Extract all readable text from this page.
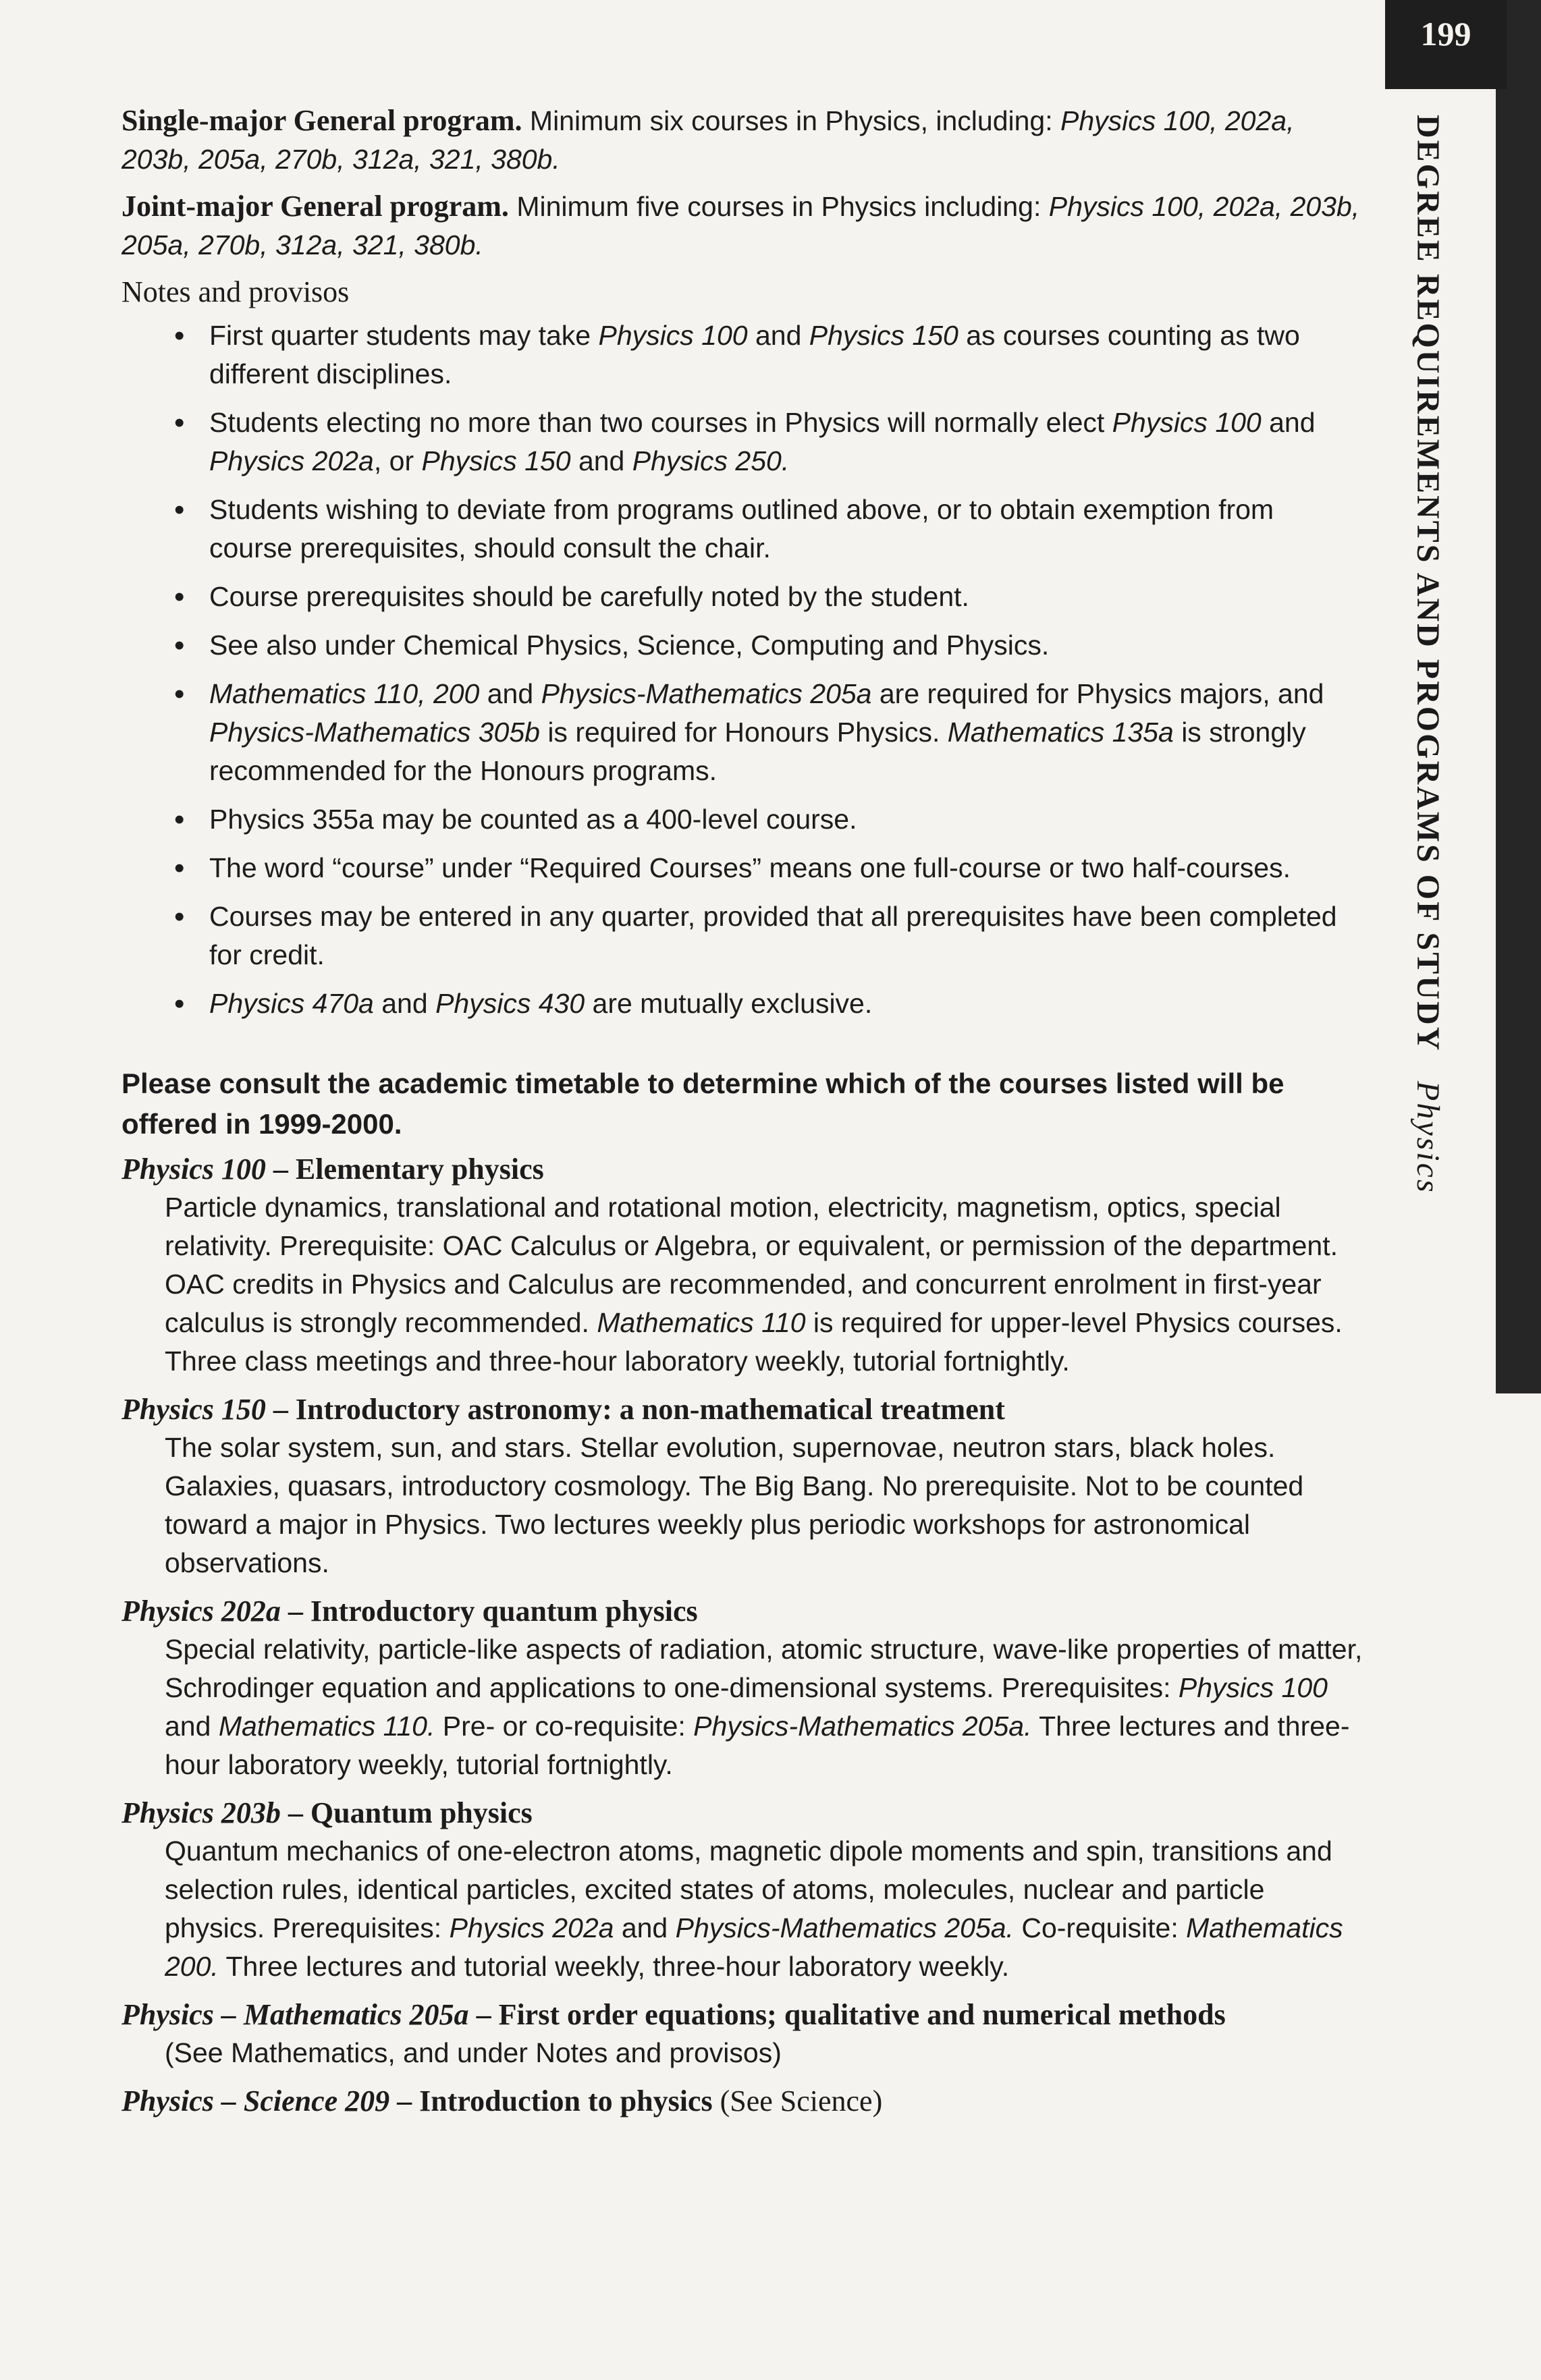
199
DEGREE REQUIREMENTS AND PROGRAMS OF STUDY Physics

Single-major General program. Minimum six courses in Physics, including: Physics 100, 202a, 203b, 205a, 270b, 312a, 321, 380b.

Joint-major General program. Minimum five courses in Physics including: Physics 100, 202a, 203b, 205a, 270b, 312a, 321, 380b.

Notes and provisos

• First quarter students may take Physics 100 and Physics 150 as courses counting as two different disciplines.
• Students electing no more than two courses in Physics will normally elect Physics 100 and Physics 202a, or Physics 150 and Physics 250.
• Students wishing to deviate from programs outlined above, or to obtain exemption from course prerequisites, should consult the chair.
• Course prerequisites should be carefully noted by the student.
• See also under Chemical Physics, Science, Computing and Physics.
• Mathematics 110, 200 and Physics-Mathematics 205a are required for Physics majors, and Physics-Mathematics 305b is required for Honours Physics. Mathematics 135a is strongly recommended for the Honours programs.
• Physics 355a may be counted as a 400-level course.
• The word “course” under “Required Courses” means one full-course or two half-courses.
• Courses may be entered in any quarter, provided that all prerequisites have been completed for credit.
• Physics 470a and Physics 430 are mutually exclusive.

Please consult the academic timetable to determine which of the courses listed will be offered in 1999-2000.

Physics 100 – Elementary physics
Particle dynamics, translational and rotational motion, electricity, magnetism, optics, special relativity. Prerequisite: OAC Calculus or Algebra, or equivalent, or permission of the department. OAC credits in Physics and Calculus are recommended, and concurrent enrolment in first-year calculus is strongly recommended. Mathematics 110 is required for upper-level Physics courses. Three class meetings and three-hour laboratory weekly, tutorial fortnightly.
Physics 150 – Introductory astronomy: a non-mathematical treatment
The solar system, sun, and stars. Stellar evolution, supernovae, neutron stars, black holes. Galaxies, quasars, introductory cosmology. The Big Bang. No prerequisite. Not to be counted toward a major in Physics. Two lectures weekly plus periodic workshops for astronomical observations.
Physics 202a – Introductory quantum physics
Special relativity, particle-like aspects of radiation, atomic structure, wave-like properties of matter, Schrodinger equation and applications to one-dimensional systems. Prerequisites: Physics 100 and Mathematics 110. Pre- or co-requisite: Physics-Mathematics 205a. Three lectures and three-hour laboratory weekly, tutorial fortnightly.
Physics 203b – Quantum physics
Quantum mechanics of one-electron atoms, magnetic dipole moments and spin, transitions and selection rules, identical particles, excited states of atoms, molecules, nuclear and particle physics. Prerequisites: Physics 202a and Physics-Mathematics 205a. Co-requisite: Mathematics 200. Three lectures and tutorial weekly, three-hour laboratory weekly.
Physics – Mathematics 205a – First order equations; qualitative and numerical methods
(See Mathematics, and under Notes and provisos)
Physics – Science 209 – Introduction to physics (See Science)
